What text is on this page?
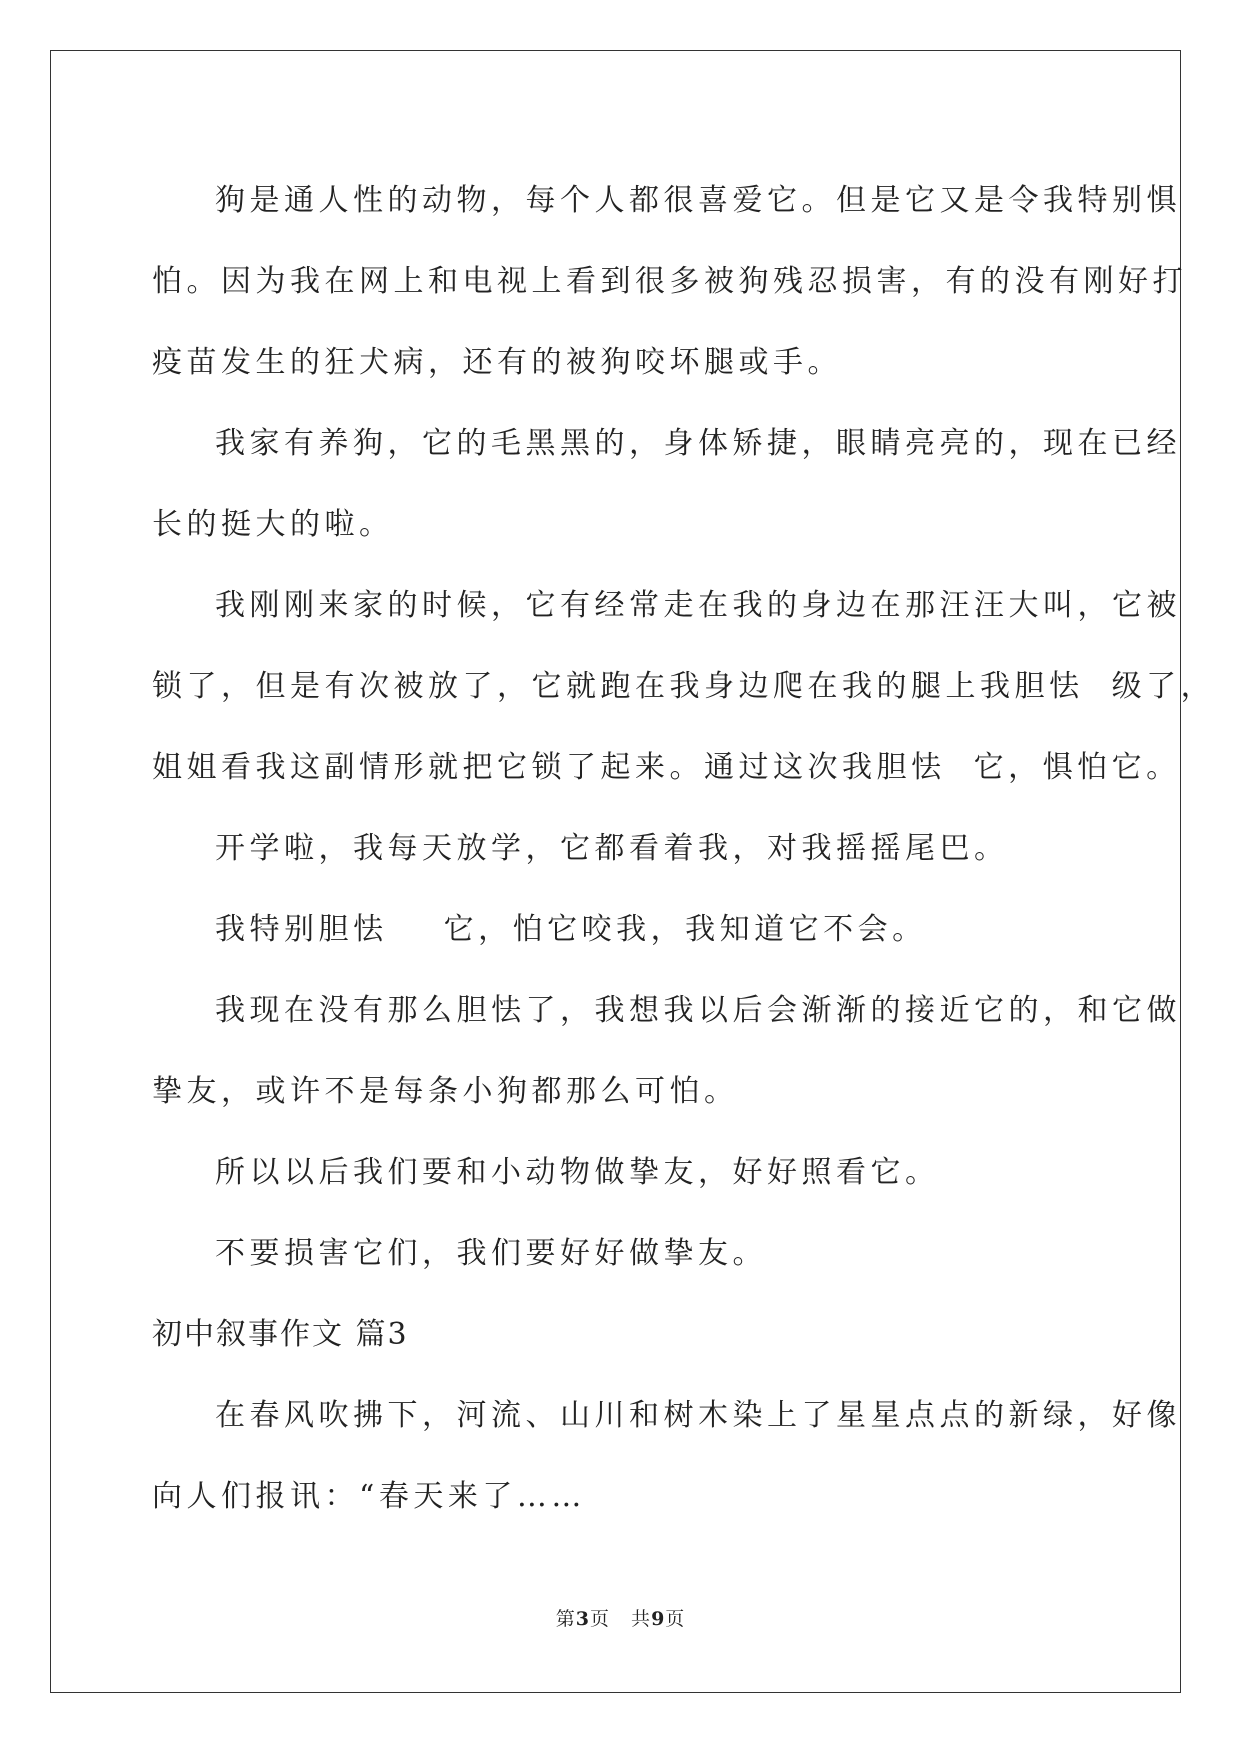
狗是通人性的动物，每个人都很喜爱它。但是它又是令我特别惧
怕。因为我在网上和电视上看到很多被狗残忍损害，有的没有刚好打
疫苗发生的狂犬病，还有的被狗咬坏腿或手。
我家有养狗，它的毛黑黑的，身体矫捷，眼睛亮亮的，现在已经
长的挺大的啦。
我刚刚来家的时候，它有经常走在我的身边在那汪汪大叫，它被
锁了，但是有次被放了，它就跑在我身边爬在我的腿上我胆怯  级了，
姐姐看我这副情形就把它锁了起来。通过这次我胆怯  它，惧怕它。
开学啦，我每天放学，它都看着我，对我摇摇尾巴。
我特别胆怯    它，怕它咬我，我知道它不会。
我现在没有那么胆怯了，我想我以后会渐渐的接近它的，和它做
挚友，或许不是每条小狗都那么可怕。
所以以后我们要和小动物做挚友，好好照看它。
不要损害它们，我们要好好做挚友。
初中叙事作文 篇3
在春风吹拂下，河流、山川和树木染上了星星点点的新绿，好像
向人们报讯：“春天来了……
第3页   共9页
